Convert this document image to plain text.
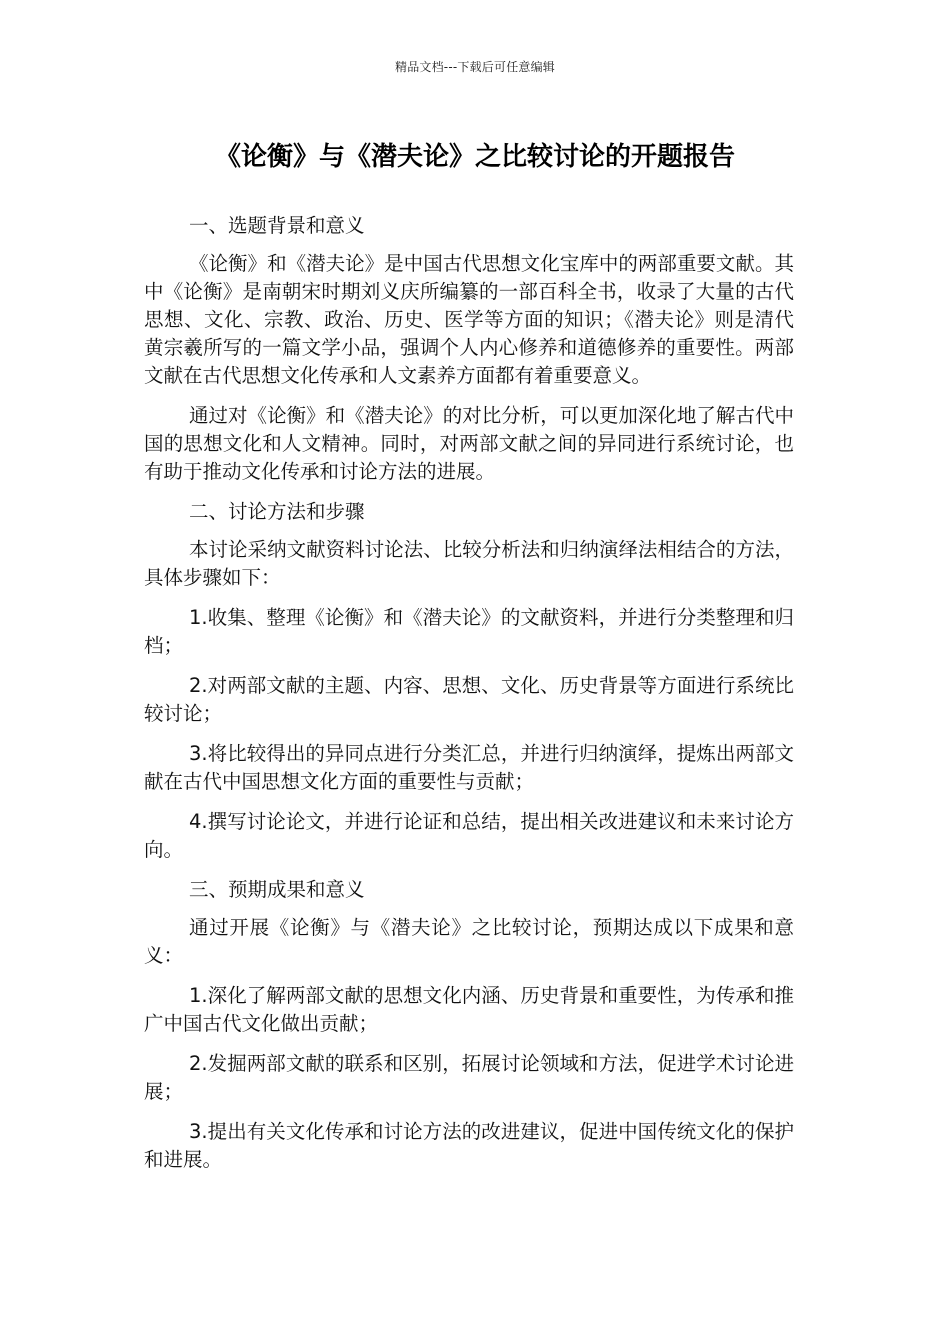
精品文档---下载后可任意编辑
《论衡》与《潜夫论》之比较讨论的开题报告

一、选题背景和意义

《论衡》和《潜夫论》是中国古代思想文化宝库中的两部重要文献。其中《论衡》是南朝宋时期刘义庆所编纂的一部百科全书，收录了大量的古代思想、文化、宗教、政治、历史、医学等方面的知识；《潜夫论》则是清代黄宗羲所写的一篇文学小品，强调个人内心修养和道德修养的重要性。两部文献在古代思想文化传承和人文素养方面都有着重要意义。

通过对《论衡》和《潜夫论》的对比分析，可以更加深化地了解古代中国的思想文化和人文精神。同时，对两部文献之间的异同进行系统讨论，也有助于推动文化传承和讨论方法的进展。

二、讨论方法和步骤

本讨论采纳文献资料讨论法、比较分析法和归纳演绎法相结合的方法，具体步骤如下：

1.收集、整理《论衡》和《潜夫论》的文献资料，并进行分类整理和归档；

2.对两部文献的主题、内容、思想、文化、历史背景等方面进行系统比较讨论；

3.将比较得出的异同点进行分类汇总，并进行归纳演绎，提炼出两部文献在古代中国思想文化方面的重要性与贡献；

4.撰写讨论论文，并进行论证和总结，提出相关改进建议和未来讨论方向。

三、预期成果和意义

通过开展《论衡》与《潜夫论》之比较讨论，预期达成以下成果和意义：

1.深化了解两部文献的思想文化内涵、历史背景和重要性，为传承和推广中国古代文化做出贡献；

2.发掘两部文献的联系和区别，拓展讨论领域和方法，促进学术讨论进展；

3.提出有关文化传承和讨论方法的改进建议，促进中国传统文化的保护和进展。
